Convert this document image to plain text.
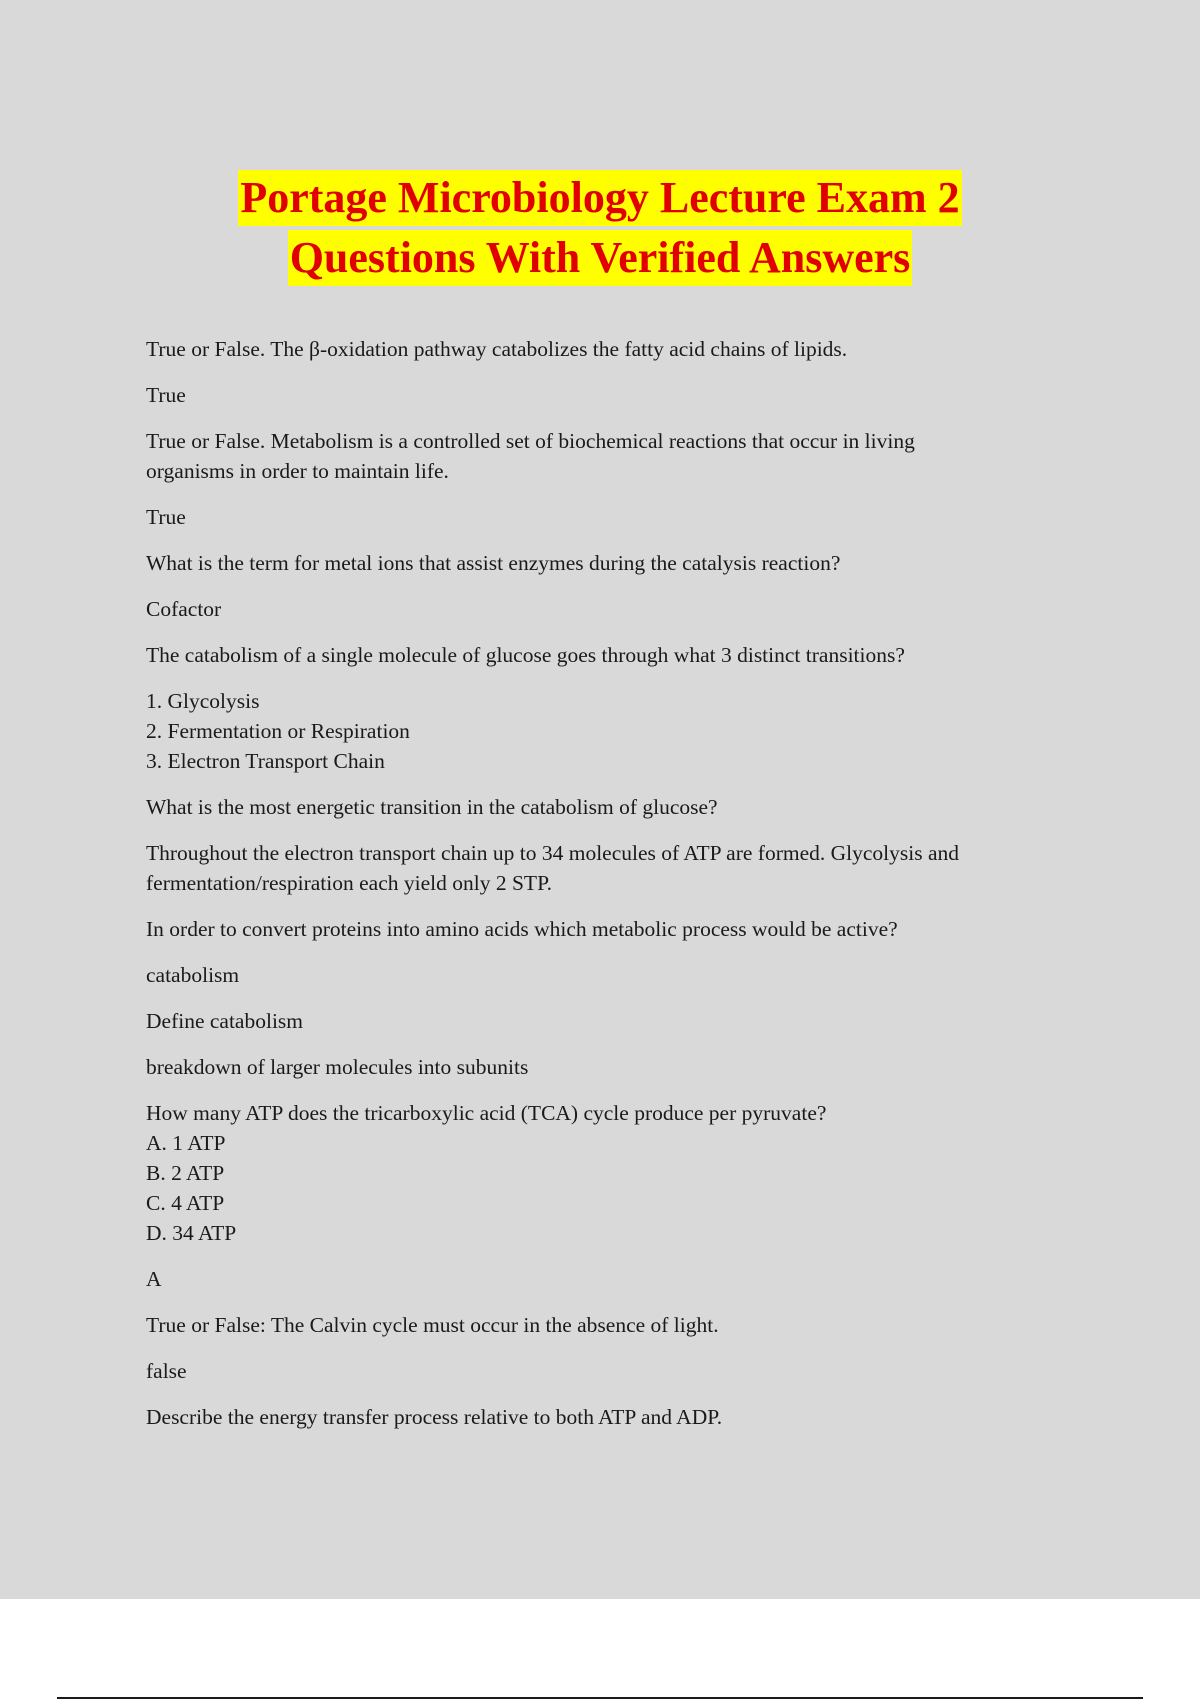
Portage Microbiology Lecture Exam 2
Questions With Verified Answers
True or False. The β-oxidation pathway catabolizes the fatty acid chains of lipids.
True
True or False. Metabolism is a controlled set of biochemical reactions that occur in living
organisms in order to maintain life.
True
What is the term for metal ions that assist enzymes during the catalysis reaction?
Cofactor
The catabolism of a single molecule of glucose goes through what 3 distinct transitions?
1. Glycolysis
2. Fermentation or Respiration
3. Electron Transport Chain
What is the most energetic transition in the catabolism of glucose?
Throughout the electron transport chain up to 34 molecules of ATP are formed. Glycolysis and
fermentation/respiration each yield only 2 STP.
In order to convert proteins into amino acids which metabolic process would be active?
catabolism
Define catabolism
breakdown of larger molecules into subunits
How many ATP does the tricarboxylic acid (TCA) cycle produce per pyruvate?
A. 1 ATP
B. 2 ATP
C. 4 ATP
D. 34 ATP
A
True or False: The Calvin cycle must occur in the absence of light.
false
Describe the energy transfer process relative to both ATP and ADP.
